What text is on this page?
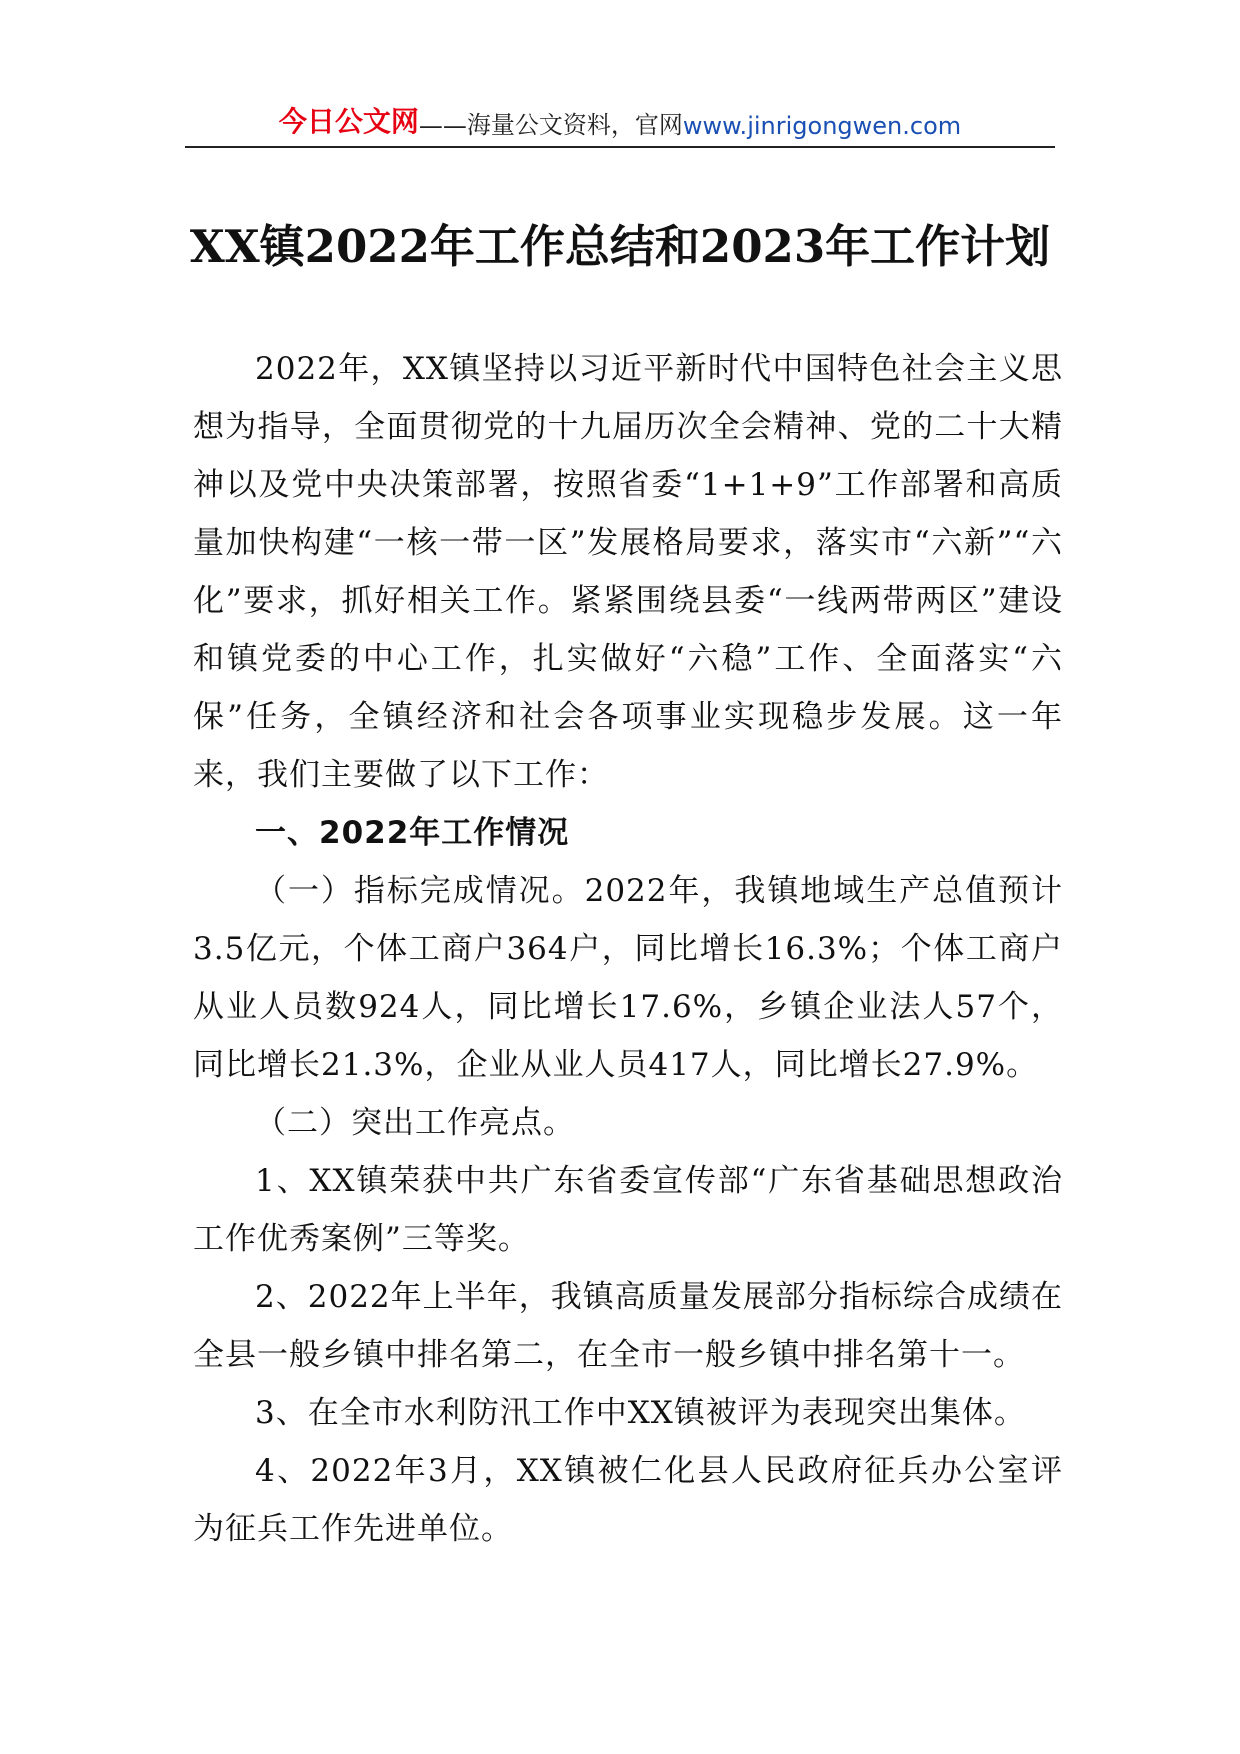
今日公文网 —— 海量公文资料，官网 www.jinrigongwen.com
XX镇2022年工作总结和2023年工作计划

2022年，XX镇坚持以习近平新时代中国特色社会主义思想为指导，全面贯彻党的十九届历次全会精神、党的二十大精神以及党中央决策部署，按照省委“1+1+9”工作部署和高质量加快构建“一核一带一区”发展格局要求，落实市“六新”“六化”要求，抓好相关工作。紧紧围绕县委“一线两带两区”建设和镇党委的中心工作，扎实做好“六稳”工作、全面落实“六保”任务，全镇经济和社会各项事业实现稳步发展。这一年来，我们主要做了以下工作：

一、2022年工作情况

（一）指标完成情况。2022年，我镇地域生产总值预计3.5亿元，个体工商户364户，同比增长16.3%；个体工商户从业人员数924人，同比增长17.6%，乡镇企业法人57个，同比增长21.3%，企业从业人员417人，同比增长27.9%。

（二）突出工作亮点。

1、XX镇荣获中共广东省委宣传部“广东省基础思想政治工作优秀案例”三等奖。

2、2022年上半年，我镇高质量发展部分指标综合成绩在全县一般乡镇中排名第二，在全市一般乡镇中排名第十一。

3、在全市水利防汛工作中XX镇被评为表现突出集体。

4、2022年3月，XX镇被仁化县人民政府征兵办公室评为征兵工作先进单位。
